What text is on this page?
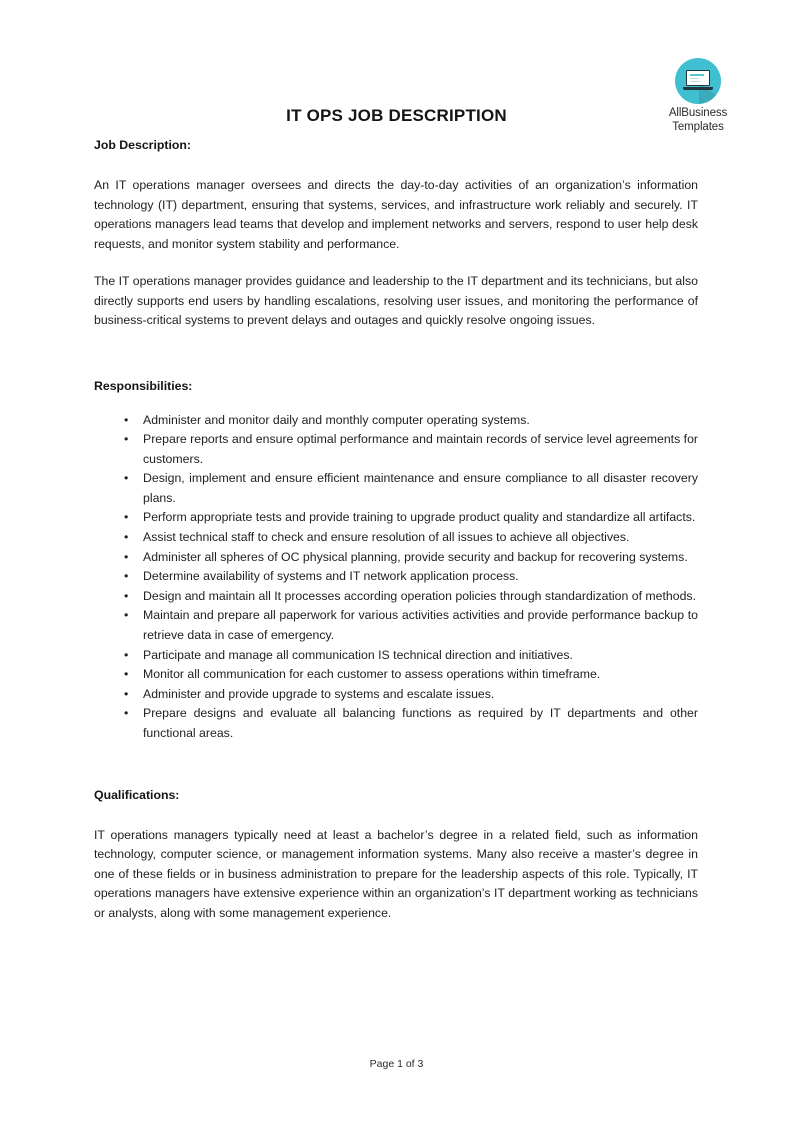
AllBusiness
Templates
IT OPS JOB DESCRIPTION
Job Description:

An IT operations manager oversees and directs the day-to-day activities of an organization’s information technology (IT) department, ensuring that systems, services, and infrastructure work reliably and securely. IT operations managers lead teams that develop and implement networks and servers, respond to user help desk requests, and monitor system stability and performance.

The IT operations manager provides guidance and leadership to the IT department and its technicians, but also directly supports end users by handling escalations, resolving user issues, and monitoring the performance of business-critical systems to prevent delays and outages and quickly resolve ongoing issues.

Responsibilities:
• Administer and monitor daily and monthly computer operating systems.
• Prepare reports and ensure optimal performance and maintain records of service level agreements for customers.
• Design, implement and ensure efficient maintenance and ensure compliance to all disaster recovery plans.
• Perform appropriate tests and provide training to upgrade product quality and standardize all artifacts.
• Assist technical staff to check and ensure resolution of all issues to achieve all objectives.
• Administer all spheres of OC physical planning, provide security and backup for recovering systems.
• Determine availability of systems and IT network application process.
• Design and maintain all It processes according operation policies through standardization of methods.
• Maintain and prepare all paperwork for various activities activities and provide performance backup to retrieve data in case of emergency.
• Participate and manage all communication IS technical direction and initiatives.
• Monitor all communication for each customer to assess operations within timeframe.
• Administer and provide upgrade to systems and escalate issues.
• Prepare designs and evaluate all balancing functions as required by IT departments and other functional areas.
Qualifications:

IT operations managers typically need at least a bachelor’s degree in a related field, such as information technology, computer science, or management information systems. Many also receive a master’s degree in one of these fields or in business administration to prepare for the leadership aspects of this role. Typically, IT operations managers have extensive experience within an organization’s IT department working as technicians or analysts, along with some management experience.

Page 1 of 3
